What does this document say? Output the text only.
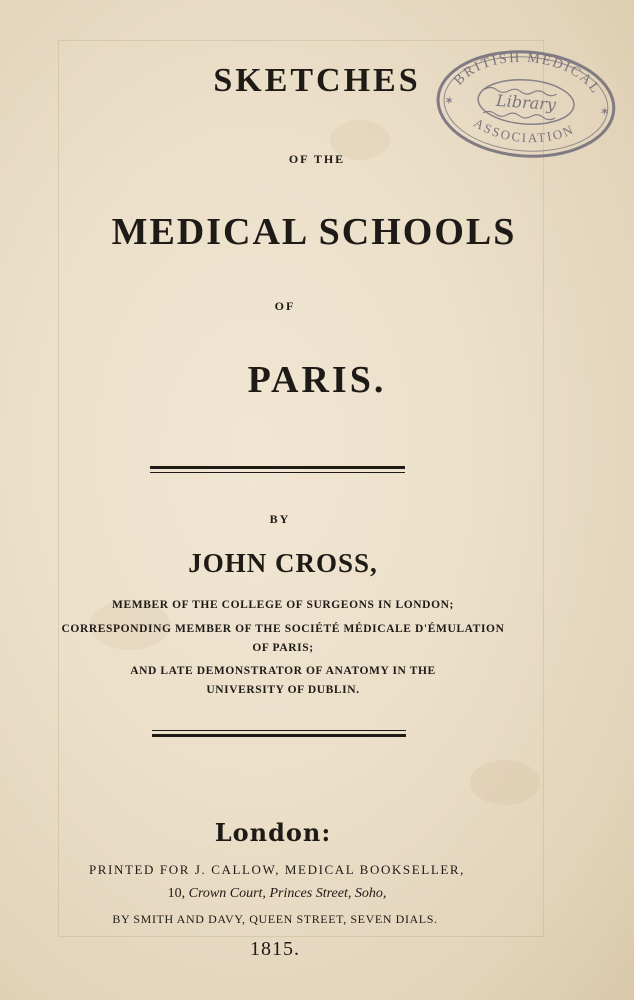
SKETCHES
OF THE
MEDICAL SCHOOLS
OF
PARIS.
BY
JOHN CROSS,
MEMBER OF THE COLLEGE OF SURGEONS IN LONDON;
CORRESPONDING MEMBER OF THE SOCIÉTÉ MÉDICALE D'ÉMULATION
OF PARIS;
AND LATE DEMONSTRATOR OF ANATOMY IN THE
UNIVERSITY OF DUBLIN.
London:
PRINTED FOR J. CALLOW, MEDICAL BOOKSELLER,
10, Crown Court, Princes Street, Soho,
BY SMITH AND DAVY, QUEEN STREET, SEVEN DIALS.
1815.
BRITISH MEDICAL
Library
ASSOCIATION
✶
✶
